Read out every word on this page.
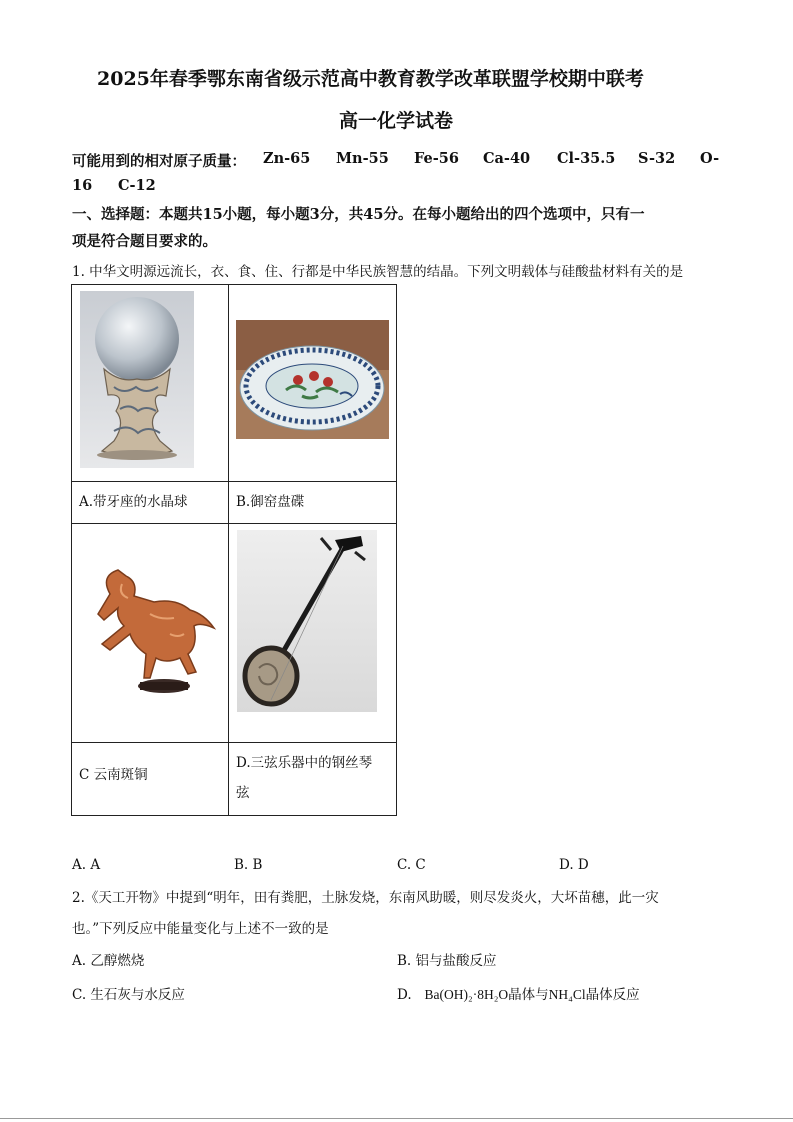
2025年春季鄂东南省级示范高中教育教学改革联盟学校期中联考
高一化学试卷
可能用到的相对原子质量： Zn-65 Mn-55 Fe-56 Ca-40 Cl-35.5 S-32 O-
16 C-12
一、选择题：本题共15小题，每小题3分，共45分。在每小题给出的四个选项中，只有一
项是符合题目要求的。
1. 中华文明源远流长，衣、食、住、行都是中华民族智慧的结晶。下列文明载体与硅酸盐材料有关的是

A.带牙座的水晶球	B.御窑盘碟

C 云南斑铜	D.三弦乐器中的钢丝琴
弦
A. A	B. B	C. C	D. D
2.《天工开物》中提到“明年，田有粪肥，土脉发烧，东南风助暖，则尽发炎火，大坏苗穗，此一灾
也。”下列反应中能量变化与上述不一致的是
A. 乙醇燃烧	B. 铝与盐酸反应
C. 生石灰与水反应	D. Ba(OH)₂·8H₂O晶体与NH₄Cl晶体反应
